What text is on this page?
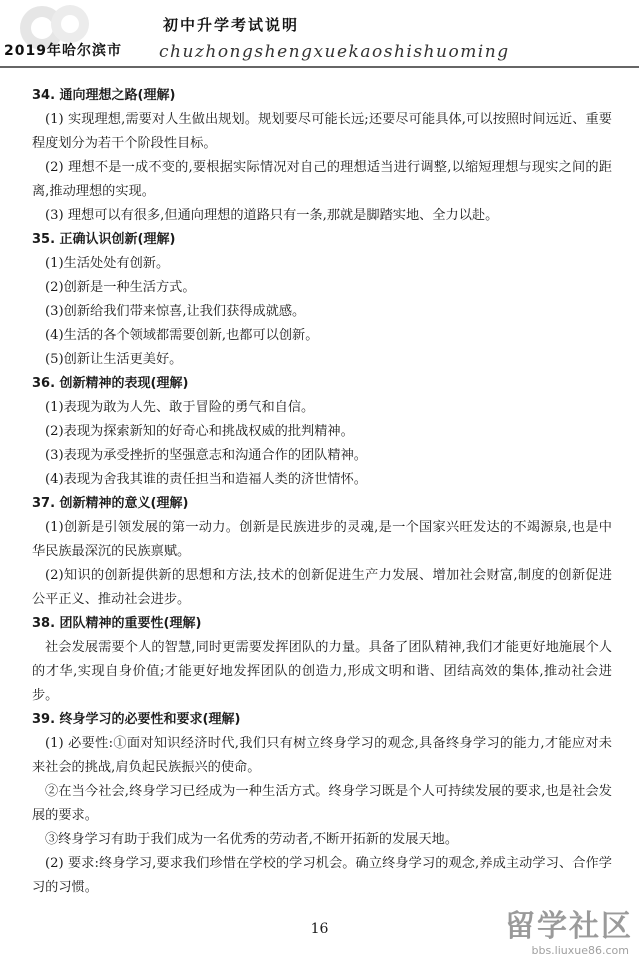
2019年哈尔滨市
初中升学考试说明
chuzhongshengxuekaoshishuoming
34. 通向理想之路(理解)

(1) 实现理想,需要对人生做出规划。规划要尽可能长远;还要尽可能具体,可以按照时间远近、重要程度划分为若干个阶段性目标。

(2) 理想不是一成不变的,要根据实际情况对自己的理想适当进行调整,以缩短理想与现实之间的距离,推动理想的实现。

(3) 理想可以有很多,但通向理想的道路只有一条,那就是脚踏实地、全力以赴。

35. 正确认识创新(理解)

(1)生活处处有创新。

(2)创新是一种生活方式。

(3)创新给我们带来惊喜,让我们获得成就感。

(4)生活的各个领域都需要创新,也都可以创新。

(5)创新让生活更美好。

36. 创新精神的表现(理解)

(1)表现为敢为人先、敢于冒险的勇气和自信。

(2)表现为探索新知的好奇心和挑战权威的批判精神。

(3)表现为承受挫折的坚强意志和沟通合作的团队精神。

(4)表现为舍我其谁的责任担当和造福人类的济世情怀。

37. 创新精神的意义(理解)

(1)创新是引领发展的第一动力。创新是民族进步的灵魂,是一个国家兴旺发达的不竭源泉,也是中华民族最深沉的民族禀赋。

(2)知识的创新提供新的思想和方法,技术的创新促进生产力发展、增加社会财富,制度的创新促进公平正义、推动社会进步。

38. 团队精神的重要性(理解)

社会发展需要个人的智慧,同时更需要发挥团队的力量。具备了团队精神,我们才能更好地施展个人的才华,实现自身价值;才能更好地发挥团队的创造力,形成文明和谐、团结高效的集体,推动社会进步。

39. 终身学习的必要性和要求(理解)

(1) 必要性:①面对知识经济时代,我们只有树立终身学习的观念,具备终身学习的能力,才能应对未来社会的挑战,肩负起民族振兴的使命。

②在当今社会,终身学习已经成为一种生活方式。终身学习既是个人可持续发展的要求,也是社会发展的要求。

③终身学习有助于我们成为一名优秀的劳动者,不断开拓新的发展天地。

(2) 要求:终身学习,要求我们珍惜在学校的学习机会。确立终身学习的观念,养成主动学习、合作学习的习惯。

16	留学社区
bbs.liuxue86.com
